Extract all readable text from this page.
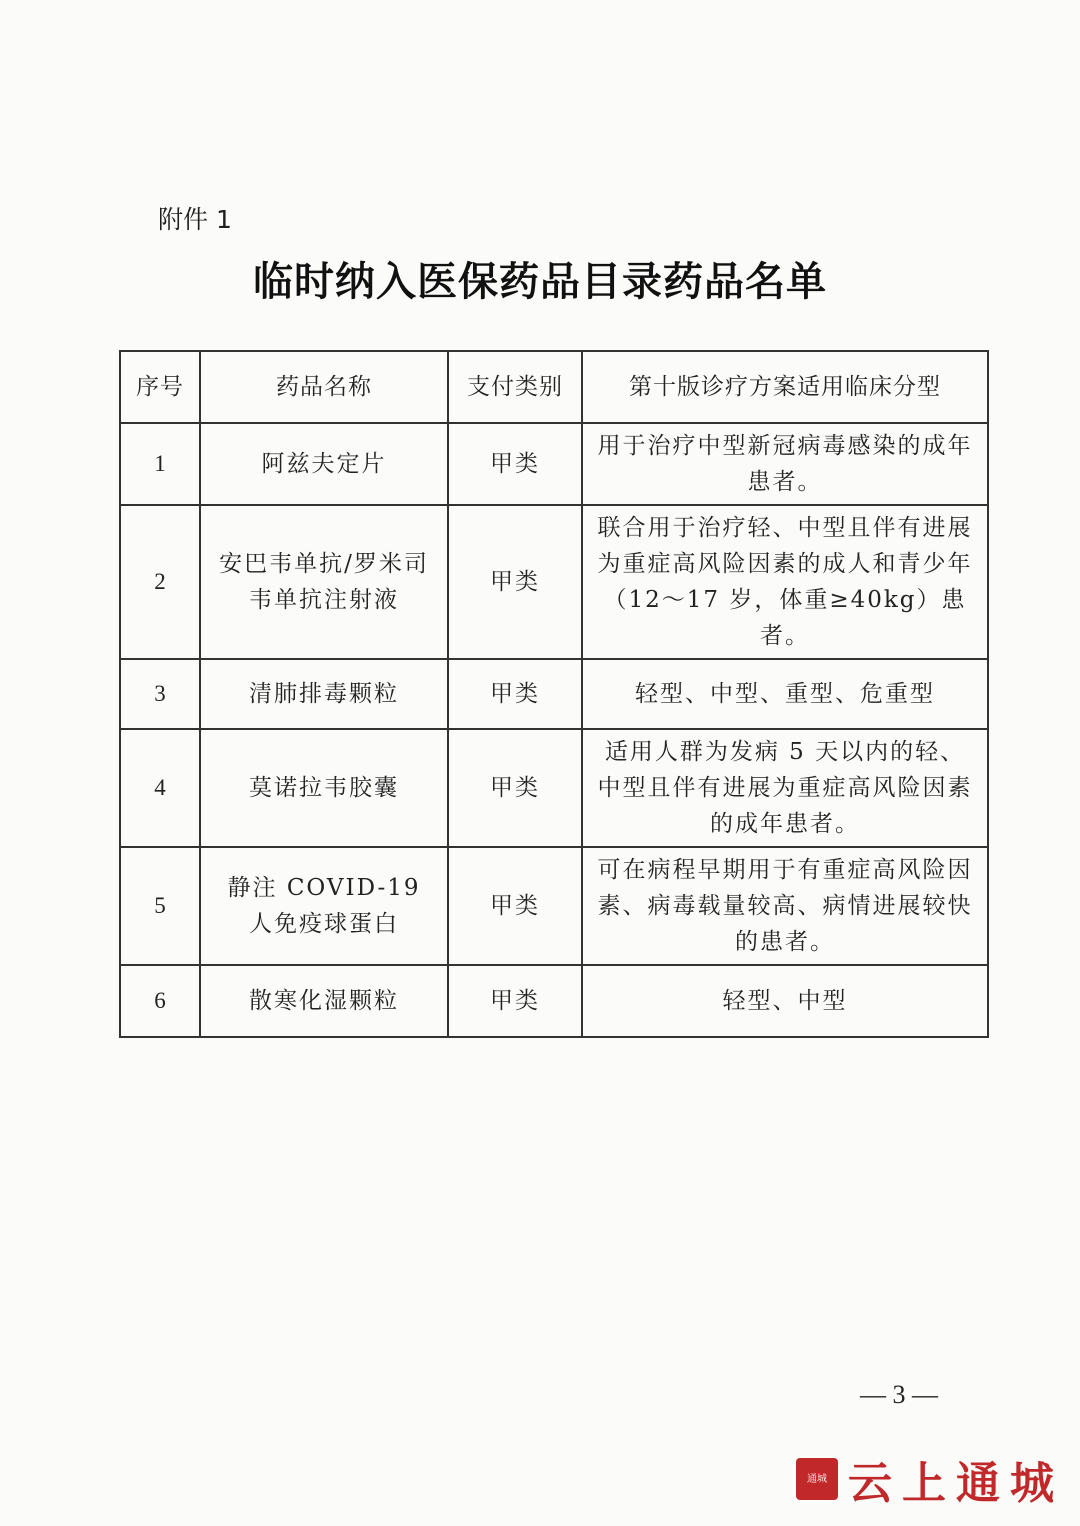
附件 1
临时纳入医保药品目录药品名单
序号	药品名称	支付类别	第十版诊疗方案适用临床分型
1	阿兹夫定片	甲类	用于治疗中型新冠病毒感染的成年患者。
2	安巴韦单抗/罗米司韦单抗注射液	甲类	联合用于治疗轻、中型且伴有进展为重症高风险因素的成人和青少年（12～17 岁，体重≥40kg）患者。
3	清肺排毒颗粒	甲类	轻型、中型、重型、危重型
4	莫诺拉韦胶囊	甲类	适用人群为发病 5 天以内的轻、中型且伴有进展为重症高风险因素的成年患者。
5	静注 COVID-19 人免疫球蛋白	甲类	可在病程早期用于有重症高风险因素、病毒载量较高、病情进展较快的患者。
6	散寒化湿颗粒	甲类	轻型、中型
— 3 —
通城 云上通城
